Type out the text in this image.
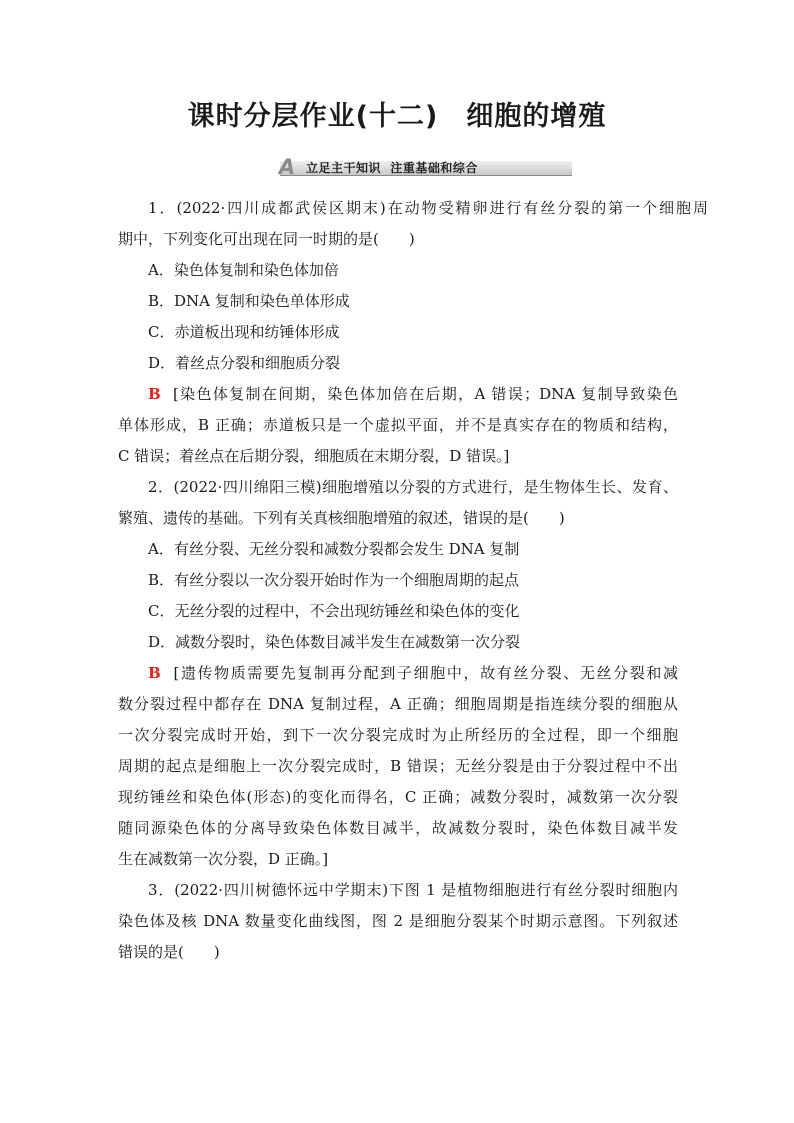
课时分层作业(十二)　细胞的增殖
A 立足主干知识  注重基础和综合
1．(2022·四川成都武侯区期末)在动物受精卵进行有丝分裂的第一个细胞周
期中，下列变化可出现在同一时期的是(　　)
A．染色体复制和染色体加倍
B．DNA 复制和染色单体形成
C．赤道板出现和纺锤体形成
D．着丝点分裂和细胞质分裂
B [染色体复制在间期，染色体加倍在后期，A 错误；DNA 复制导致染色
单体形成，B 正确；赤道板只是一个虚拟平面，并不是真实存在的物质和结构，
C 错误；着丝点在后期分裂，细胞质在末期分裂，D 错误。]
2．(2022·四川绵阳三模)细胞增殖以分裂的方式进行，是生物体生长、发育、
繁殖、遗传的基础。下列有关真核细胞增殖的叙述，错误的是(　　)
A．有丝分裂、无丝分裂和减数分裂都会发生 DNA 复制
B．有丝分裂以一次分裂开始时作为一个细胞周期的起点
C．无丝分裂的过程中，不会出现纺锤丝和染色体的变化
D．减数分裂时，染色体数目减半发生在减数第一次分裂
B [遗传物质需要先复制再分配到子细胞中，故有丝分裂、无丝分裂和减
数分裂过程中都存在 DNA 复制过程，A 正确；细胞周期是指连续分裂的细胞从
一次分裂完成时开始，到下一次分裂完成时为止所经历的全过程，即一个细胞
周期的起点是细胞上一次分裂完成时，B 错误；无丝分裂是由于分裂过程中不出
现纺锤丝和染色体(形态)的变化而得名，C 正确；减数分裂时，减数第一次分裂
随同源染色体的分离导致染色体数目减半，故减数分裂时，染色体数目减半发
生在减数第一次分裂，D 正确。]
3．(2022·四川树德怀远中学期末)下图 1 是植物细胞进行有丝分裂时细胞内
染色体及核 DNA 数量变化曲线图，图 2 是细胞分裂某个时期示意图。下列叙述
错误的是(　　)
